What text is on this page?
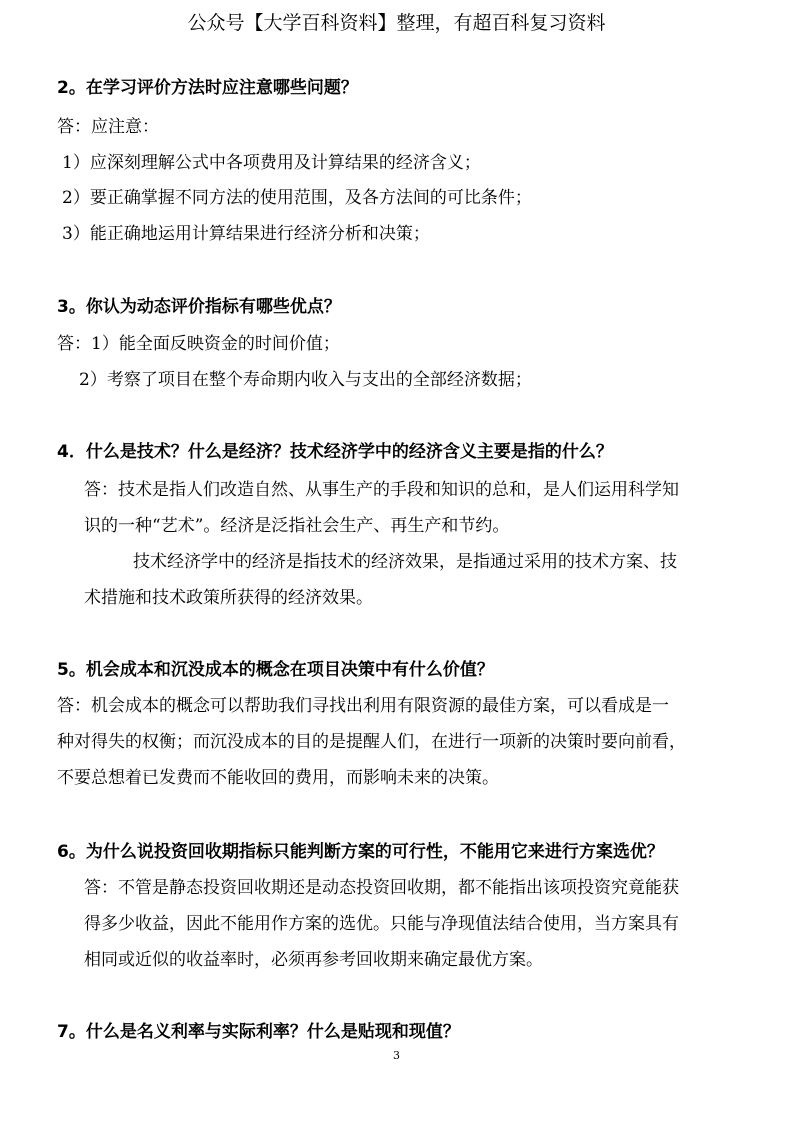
公众号【大学百科资料】整理，有超百科复习资料
2。在学习评价方法时应注意哪些问题？
答：应注意：
1）应深刻理解公式中各项费用及计算结果的经济含义；
2）要正确掌握不同方法的使用范围，及各方法间的可比条件；
3）能正确地运用计算结果进行经济分析和决策；
3。你认为动态评价指标有哪些优点？
答：1）能全面反映资金的时间价值；
2）考察了项目在整个寿命期内收入与支出的全部经济数据；
4．什么是技术？什么是经济？技术经济学中的经济含义主要是指的什么？
答：技术是指人们改造自然、从事生产的手段和知识的总和，是人们运用科学知
识的一种“艺术”。经济是泛指社会生产、再生产和节约。
技术经济学中的经济是指技术的经济效果，是指通过采用的技术方案、技
术措施和技术政策所获得的经济效果。
5。机会成本和沉没成本的概念在项目决策中有什么价值？
答：机会成本的概念可以帮助我们寻找出利用有限资源的最佳方案，可以看成是一
种对得失的权衡；而沉没成本的目的是提醒人们，在进行一项新的决策时要向前看，
不要总想着已发费而不能收回的费用，而影响未来的决策。
6。为什么说投资回收期指标只能判断方案的可行性，不能用它来进行方案选优？
答：不管是静态投资回收期还是动态投资回收期，都不能指出该项投资究竟能获
得多少收益，因此不能用作方案的选优。只能与净现值法结合使用，当方案具有
相同或近似的收益率时，必须再参考回收期来确定最优方案。
7。什么是名义利率与实际利率？什么是贴现和现值？
3
